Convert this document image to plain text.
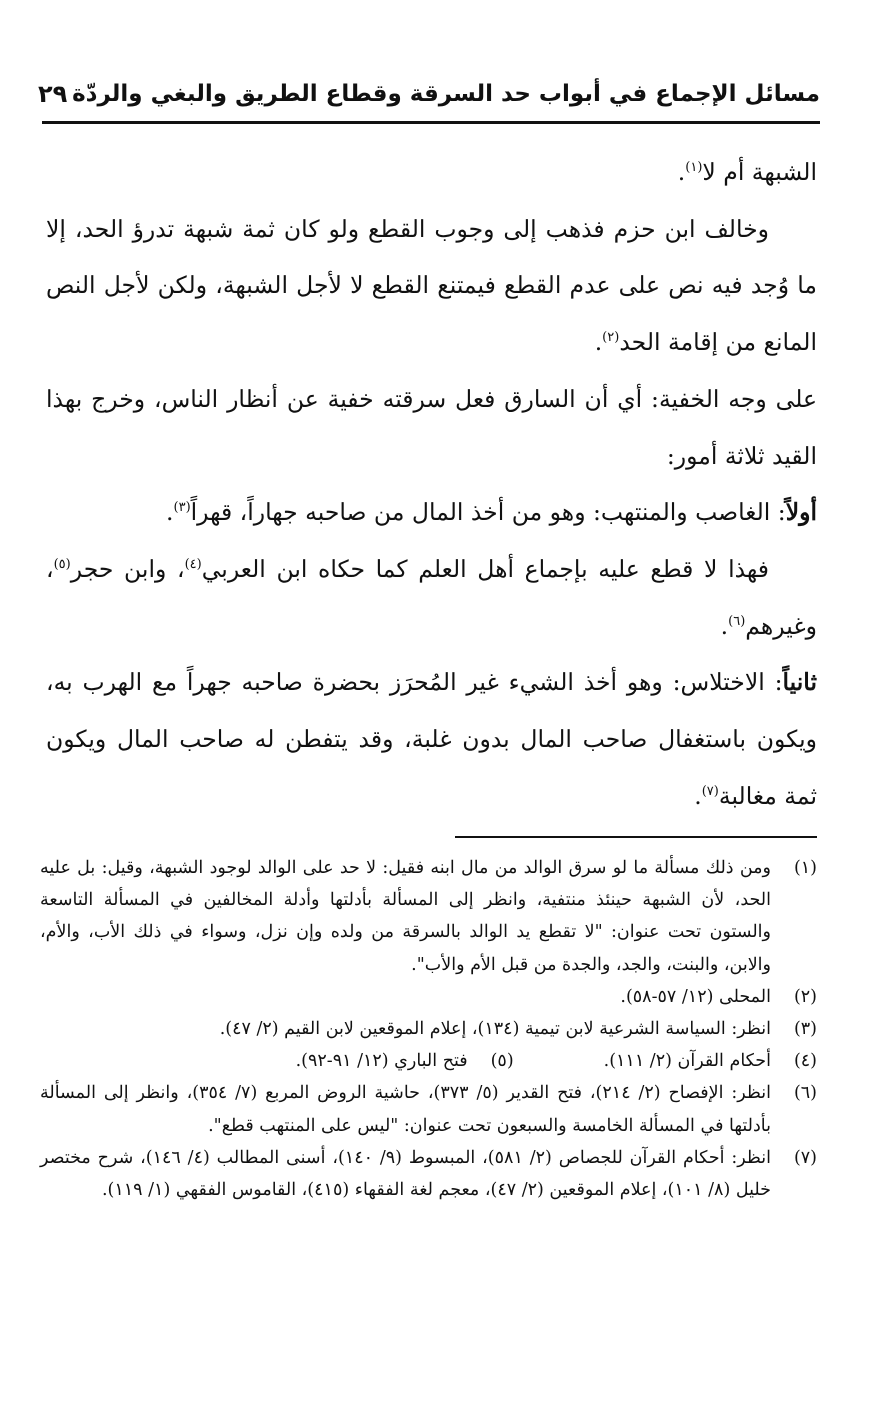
مسائل الإجماع في أبواب حد السرقة وقطاع الطريق والبغي والردّة
٢٩

الشبهة أم لا$^{(١)}$.

وخالف ابن حزم فذهب إلى وجوب القطع ولو كان ثمة شبهة تدرؤ الحد، إلا ما وُجد فيه نص على عدم القطع فيمتنع القطع لا لأجل الشبهة، ولكن لأجل النص المانع من إقامة الحد$^{(٢)}$.

على وجه الخفية: أي أن السارق فعل سرقته خفية عن أنظار الناس، وخرج بهذا القيد ثلاثة أمور:

أولاً: الغاصب والمنتهب: وهو من أخذ المال من صاحبه جهاراً، قهراً$^{(٣)}$.

فهذا لا قطع عليه بإجماع أهل العلم كما حكاه ابن العربي$^{(٤)}$، وابن حجر$^{(٥)}$، وغيرهم$^{(٦)}$.

ثانياً: الاختلاس: وهو أخذ الشيء غير المُحرَز بحضرة صاحبه جهراً مع الهرب به، ويكون باستغفال صاحب المال بدون غلبة، وقد يتفطن له صاحب المال ويكون ثمة مغالبة$^{(٧)}$.

(١)
ومن ذلك مسألة ما لو سرق الوالد من مال ابنه فقيل: لا حد على الوالد لوجود الشبهة، وقيل: بل عليه الحد، لأن الشبهة حينئذ منتفية، وانظر إلى المسألة بأدلتها وأدلة المخالفين في المسألة التاسعة والستون تحت عنوان: "لا تقطع يد الوالد بالسرقة من ولده وإن نزل، وسواء في ذلك الأب، والأم، والابن، والبنت، والجد، والجدة من قبل الأم والأب".

(٢)
المحلى (١٢/ ٥٧-٥٨).

(٣)
انظر: السياسة الشرعية لابن تيمية (١٣٤)، إعلام الموقعين لابن القيم (٢/ ٤٧).

(٤)
أحكام القرآن (٢/ ١١١).
(٥)
فتح الباري (١٢/ ٩١-٩٢).

(٦)
انظر: الإفصاح (٢/ ٢١٤)، فتح القدير (٥/ ٣٧٣)، حاشية الروض المربع (٧/ ٣٥٤)، وانظر إلى المسألة بأدلتها في المسألة الخامسة والسبعون تحت عنوان: "ليس على المنتهب قطع".

(٧)
انظر: أحكام القرآن للجصاص (٢/ ٥٨١)، المبسوط (٩/ ١٤٠)، أسنى المطالب (٤/ ١٤٦)، شرح مختصر خليل (٨/ ١٠١)، إعلام الموقعين (٢/ ٤٧)، معجم لغة الفقهاء (٤١٥)، القاموس الفقهي (١/ ١١٩).
